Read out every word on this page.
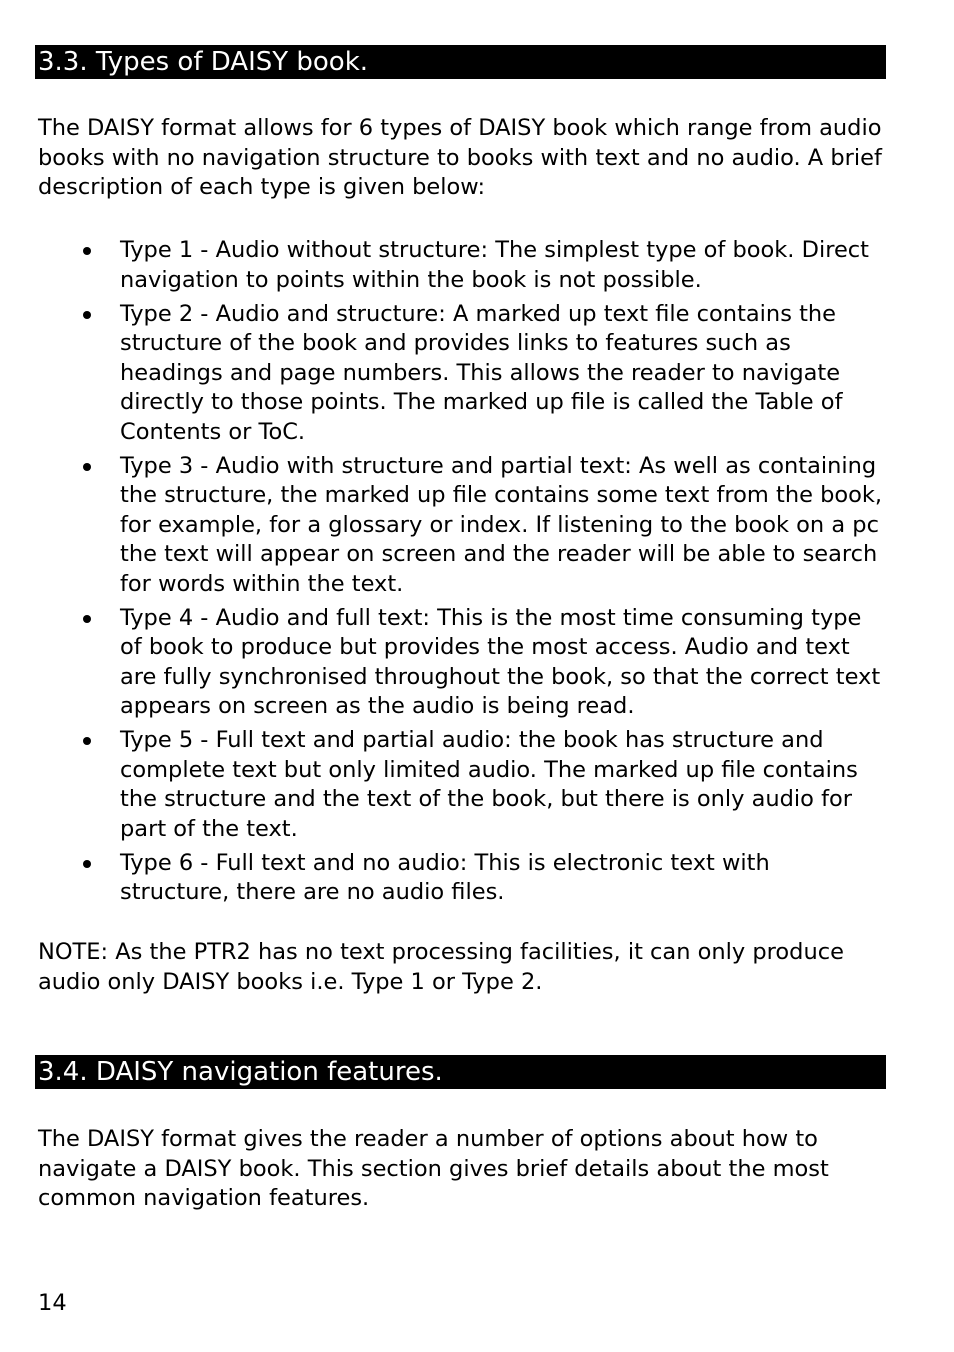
3.3. Types of DAISY book.

The DAISY format allows for 6 types of DAISY book which range from audio books with no navigation structure to books with text and no audio. A brief description of each type is given below:

Type 1 - Audio without structure: The simplest type of book. Direct navigation to points within the book is not possible.
Type 2 - Audio and structure: A marked up text file contains the structure of the book and provides links to features such as headings and page numbers. This allows the reader to navigate directly to those points. The marked up file is called the Table of Contents or ToC.
Type 3 - Audio with structure and partial text: As well as containing the structure, the marked up file contains some text from the book, for example, for a glossary or index. If listening to the book on a pc the text will appear on screen and the reader will be able to search for words within the text.
Type 4 - Audio and full text: This is the most time consuming type of book to produce but provides the most access. Audio and text are fully synchronised throughout the book, so that the correct text appears on screen as the audio is being read.
Type 5 - Full text and partial audio: the book has structure and complete text but only limited audio. The marked up file contains the structure and the text of the book, but there is only audio for part of the text.
Type 6 - Full text and no audio: This is electronic text with structure, there are no audio files.

NOTE: As the PTR2 has no text processing facilities, it can only produce audio only DAISY books i.e. Type 1 or Type 2.

3.4. DAISY navigation features.

The DAISY format gives the reader a number of options about how to navigate a DAISY book. This section gives brief details about the most common navigation features.

14
